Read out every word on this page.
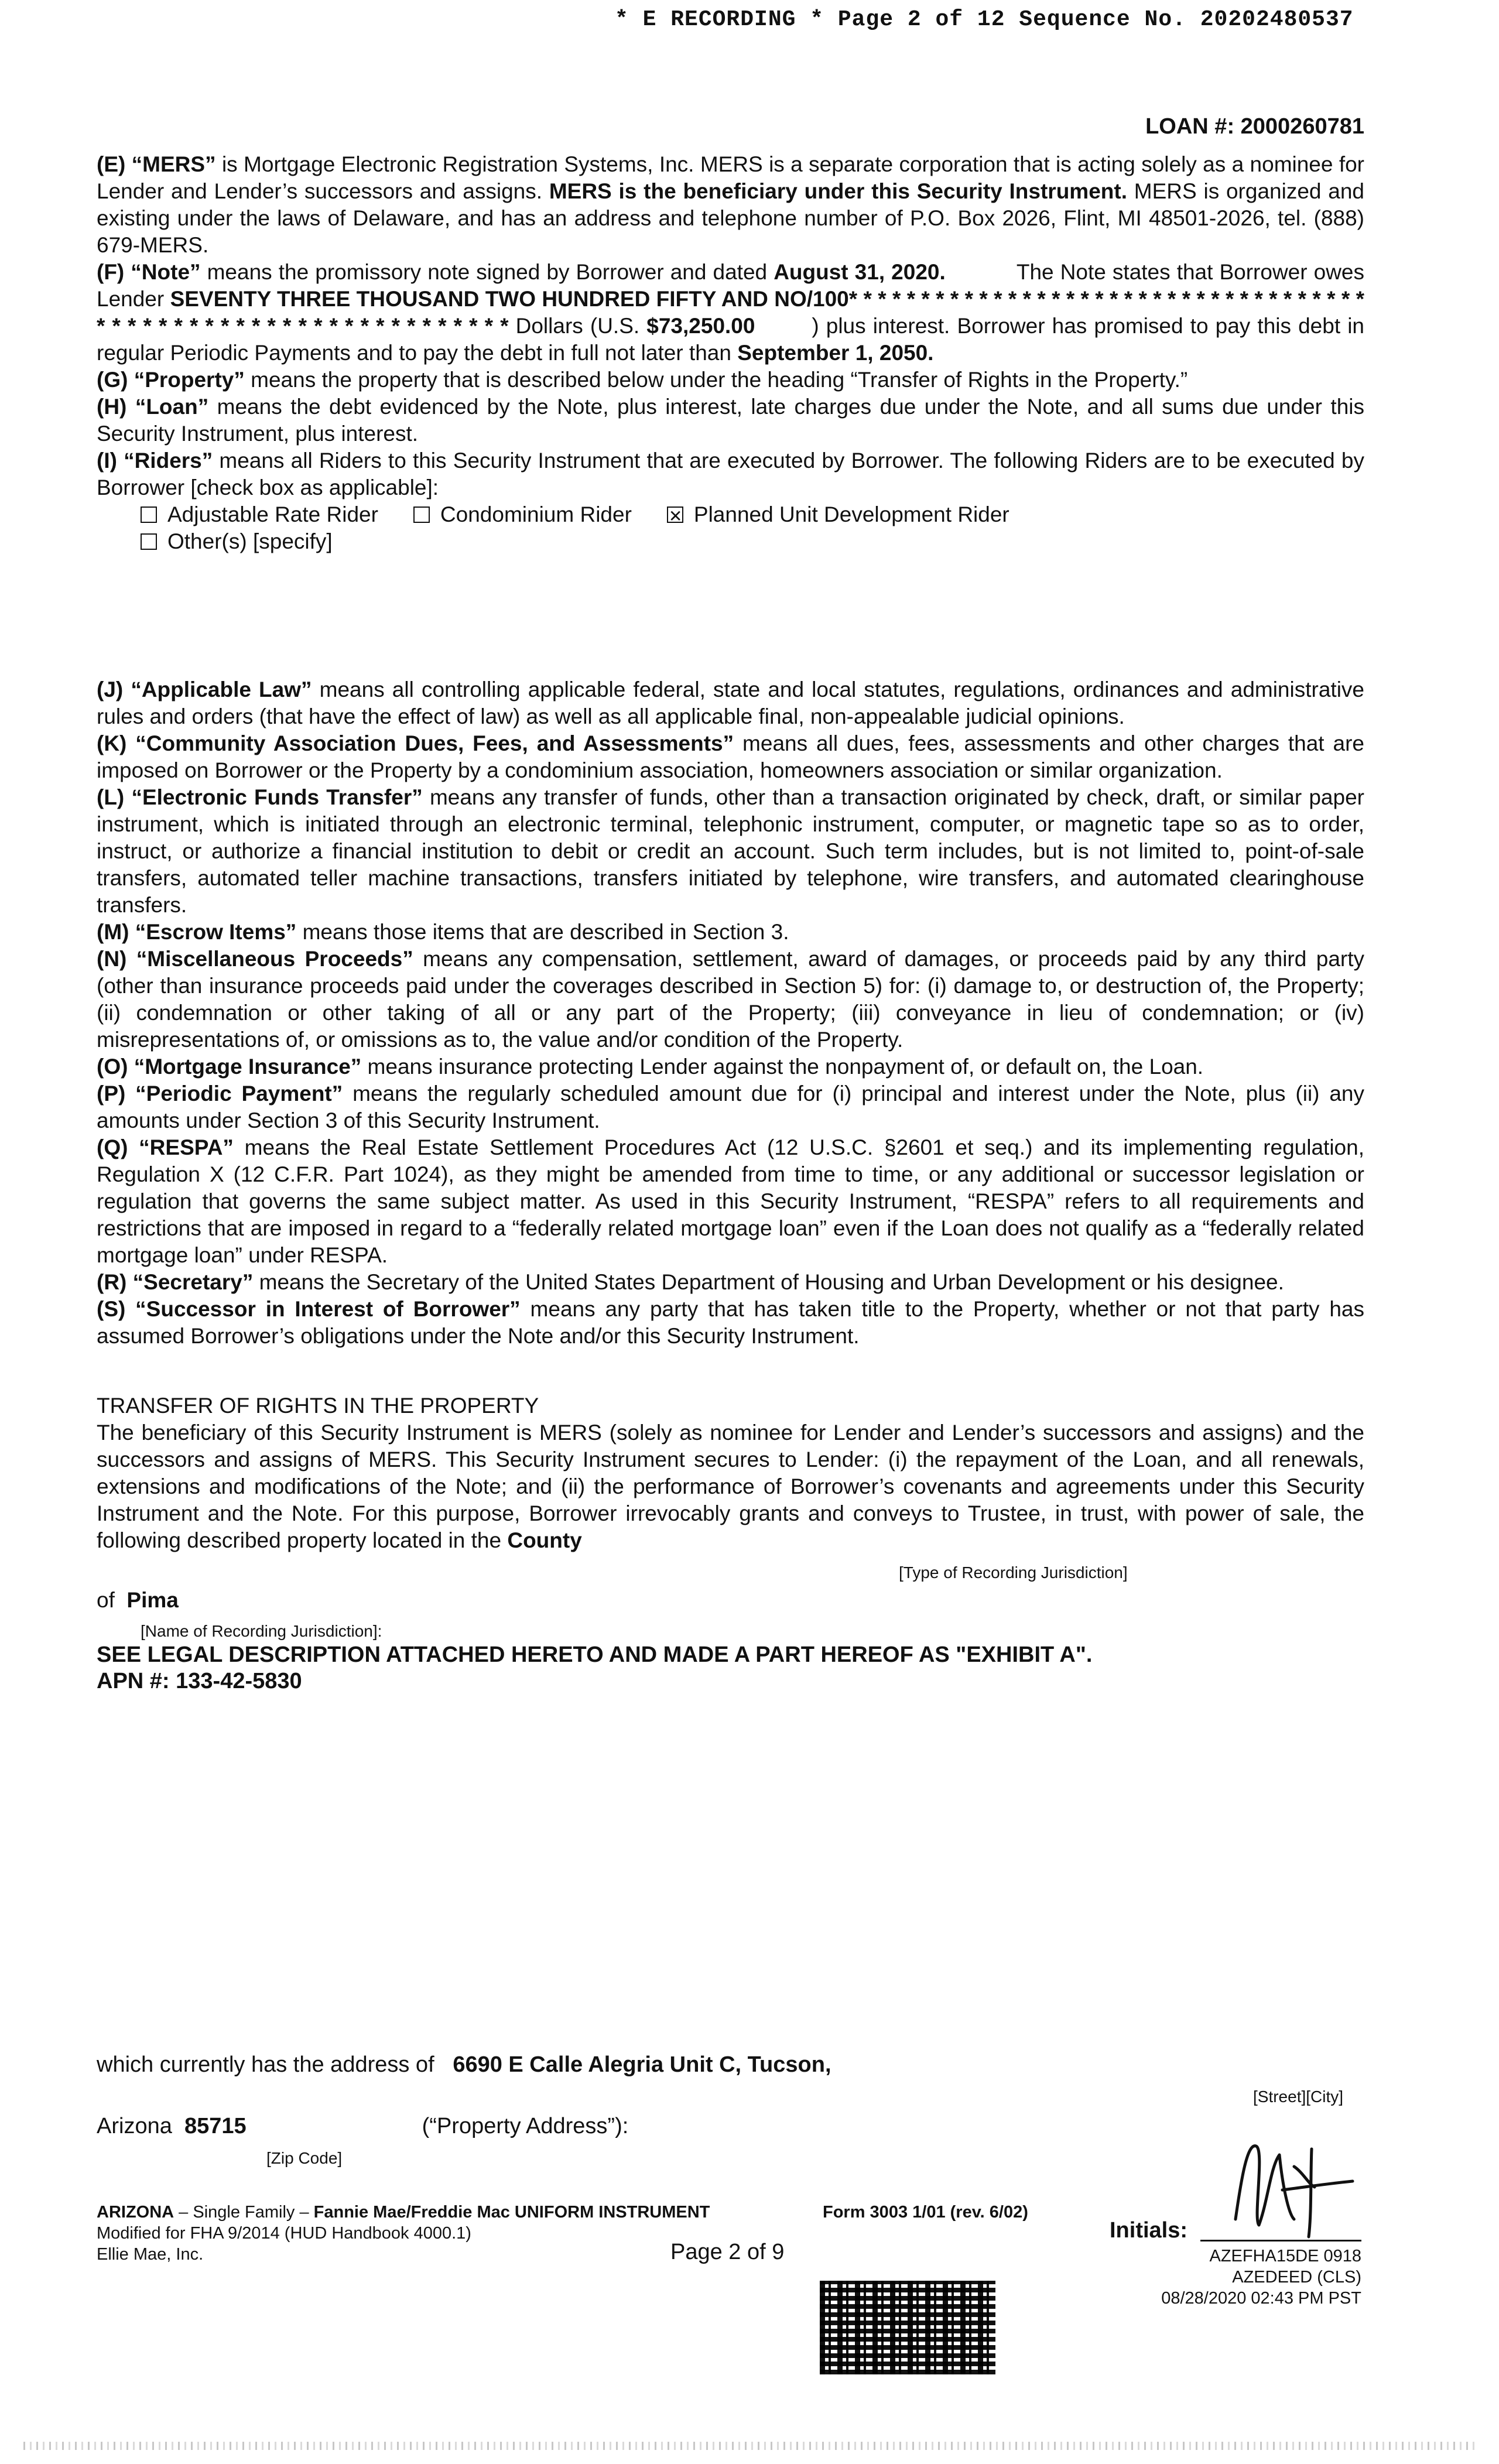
* E RECORDING * Page 2 of 12 Sequence No. 20202480537
LOAN #: 2000260781

(E) “MERS” is Mortgage Electronic Registration Systems, Inc. MERS is a separate corporation that is acting solely as a nominee for Lender and Lender’s successors and assigns. MERS is the beneficiary under this Security Instrument. MERS is organized and existing under the laws of Delaware, and has an address and telephone number of P.O. Box 2026, Flint, MI 48501-2026, tel. (888) 679-MERS.

(F) “Note” means the promissory note signed by Borrower and dated August 31, 2020.           The Note states that Borrower owes Lender SEVENTY THREE THOUSAND TWO HUNDRED FIFTY AND NO/100* * * * * * * * * * * * * * * * * * * * * * * * * * * * * * * * * * * * * * * * * * * * * * * * * * * * * * * * * * * * * * * Dollars (U.S. $73,250.00        ) plus interest. Borrower has promised to pay this debt in regular Periodic Payments and to pay the debt in full not later than September 1, 2050.

(G) “Property” means the property that is described below under the heading “Transfer of Rights in the Property.”

(H) “Loan” means the debt evidenced by the Note, plus interest, late charges due under the Note, and all sums due under this Security Instrument, plus interest.

(I) “Riders” means all Riders to this Security Instrument that are executed by Borrower. The following Riders are to be executed by Borrower [check box as applicable]:

Adjustable Rate Rider	Condominium Rider
✕	Planned Unit Development Rider
Other(s) [specify]

(J) “Applicable Law” means all controlling applicable federal, state and local statutes, regulations, ordinances and administrative rules and orders (that have the effect of law) as well as all applicable final, non-appealable judicial opinions.

(K) “Community Association Dues, Fees, and Assessments” means all dues, fees, assessments and other charges that are imposed on Borrower or the Property by a condominium association, homeowners association or similar organization.

(L) “Electronic Funds Transfer” means any transfer of funds, other than a transaction originated by check, draft, or similar paper instrument, which is initiated through an electronic terminal, telephonic instrument, computer, or magnetic tape so as to order, instruct, or authorize a financial institution to debit or credit an account. Such term includes, but is not limited to, point-of-sale transfers, automated teller machine transactions, transfers initiated by telephone, wire transfers, and automated clearinghouse transfers.

(M) “Escrow Items” means those items that are described in Section 3.

(N) “Miscellaneous Proceeds” means any compensation, settlement, award of damages, or proceeds paid by any third party (other than insurance proceeds paid under the coverages described in Section 5) for: (i) damage to, or destruction of, the Property; (ii) condemnation or other taking of all or any part of the Property; (iii) conveyance in lieu of condemnation; or (iv) misrepresentations of, or omissions as to, the value and/or condition of the Property.

(O) “Mortgage Insurance” means insurance protecting Lender against the nonpayment of, or default on, the Loan.

(P) “Periodic Payment” means the regularly scheduled amount due for (i) principal and interest under the Note, plus (ii) any amounts under Section 3 of this Security Instrument.

(Q) “RESPA” means the Real Estate Settlement Procedures Act (12 U.S.C. §2601 et seq.) and its implementing regulation, Regulation X (12 C.F.R. Part 1024), as they might be amended from time to time, or any additional or successor legislation or regulation that governs the same subject matter. As used in this Security Instrument, “RESPA” refers to all requirements and restrictions that are imposed in regard to a “federally related mortgage loan” even if the Loan does not qualify as a “federally related mortgage loan” under RESPA.

(R) “Secretary” means the Secretary of the United States Department of Housing and Urban Development or his designee.

(S) “Successor in Interest of Borrower” means any party that has taken title to the Property, whether or not that party has assumed Borrower’s obligations under the Note and/or this Security Instrument.

TRANSFER OF RIGHTS IN THE PROPERTY

The beneficiary of this Security Instrument is MERS (solely as nominee for Lender and Lender’s successors and assigns) and the successors and assigns of MERS. This Security Instrument secures to Lender: (i) the repayment of the Loan, and all renewals, extensions and modifications of the Note; and (ii) the performance of Borrower’s covenants and agreements under this Security Instrument and the Note. For this purpose, Borrower irrevocably grants and conveys to Trustee, in trust, with power of sale, the following described property located in the County

[Type of Recording Jurisdiction]
of Pima
[Name of Recording Jurisdiction]:
SEE LEGAL DESCRIPTION ATTACHED HERETO AND MADE A PART HEREOF AS "EXHIBIT A".
APN #: 133-42-5830
which currently has the address of 6690 E Calle Alegria Unit C, Tucson,
[Street][City]
Arizona 85715	(“Property Address”):
[Zip Code]
ARIZONA – Single Family – Fannie Mae/Freddie Mac UNIFORM INSTRUMENT
Modified for FHA 9/2014 (HUD Handbook 4000.1)
Ellie Mae, Inc.
Form 3003 1/01 (rev. 6/02)
Page 2 of 9
Initials:
AZEFHA15DE 0918
AZEDEED (CLS)
08/28/2020 02:43 PM PST
